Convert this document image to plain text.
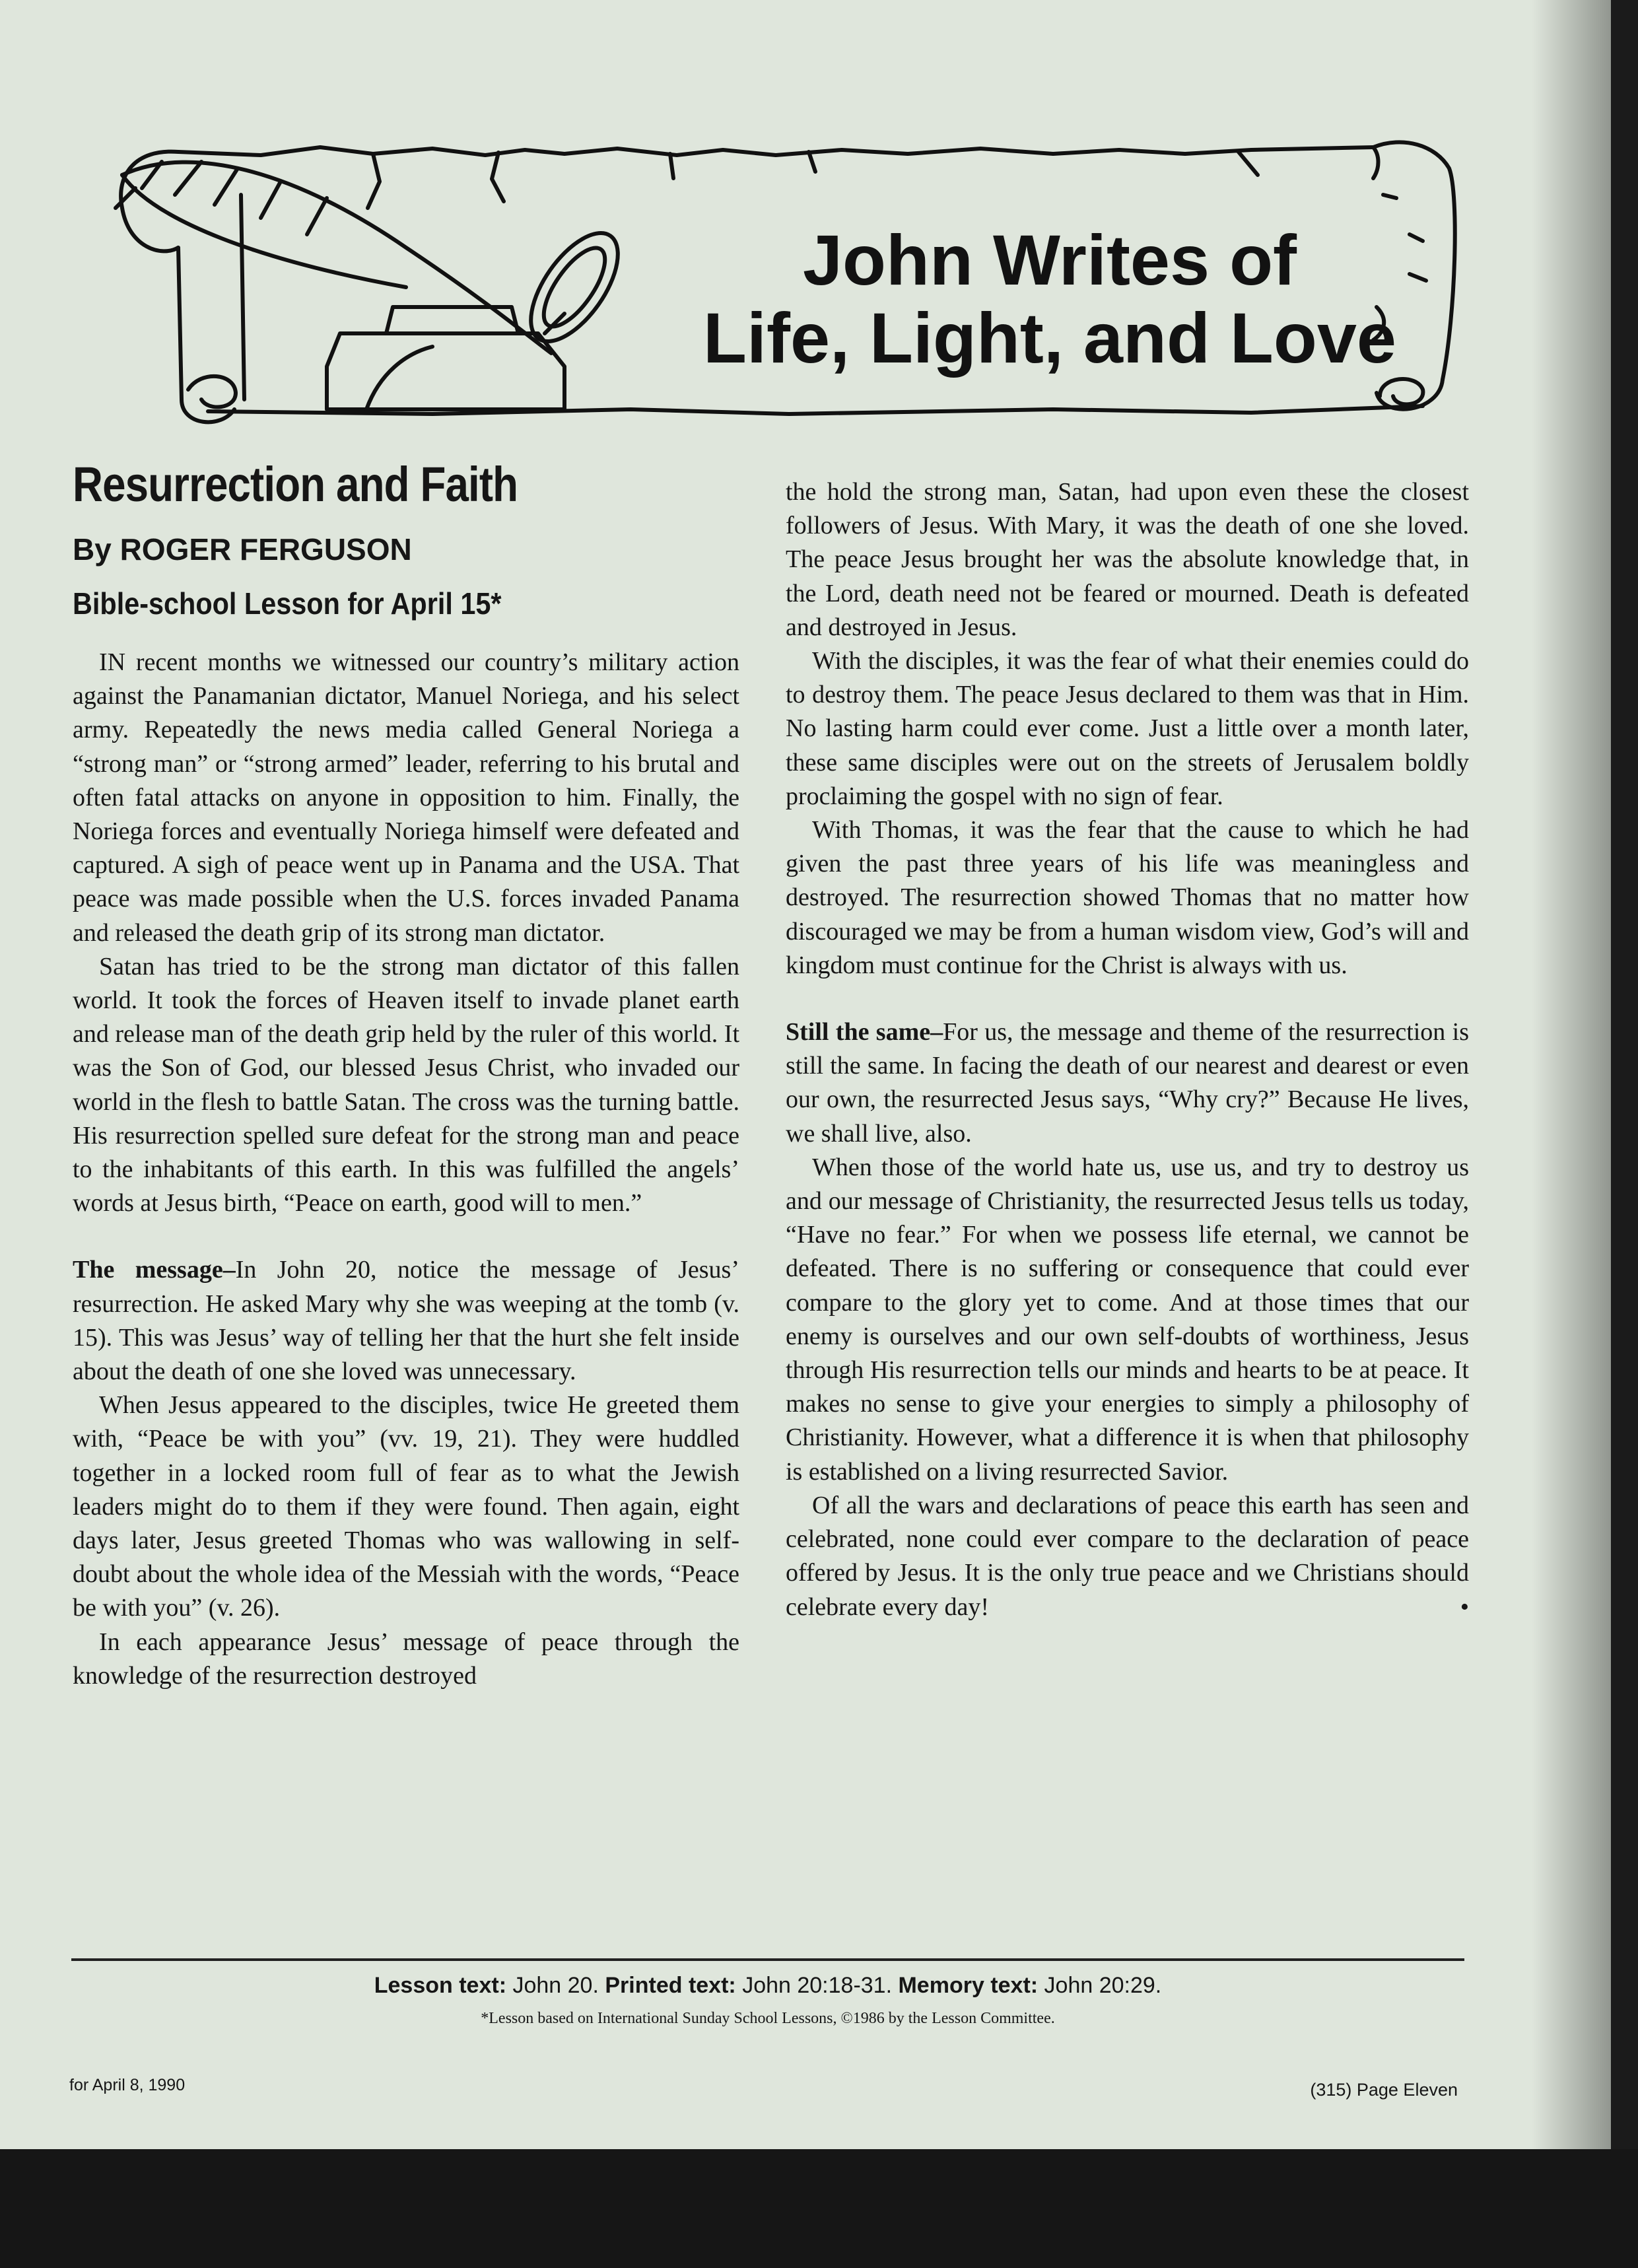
John Writes of
Life, Light, and Love
Resurrection and Faith
By ROGER FERGUSON
Bible-school Lesson for April 15*

IN recent months we witnessed our country’s military action against the Panamanian dictator, Manuel Noriega, and his select army. Repeatedly the news media called General Noriega a “strong man” or “strong armed” leader, referring to his brutal and often fatal attacks on anyone in opposition to him. Finally, the Noriega forces and eventually Noriega himself were defeated and captured. A sigh of peace went up in Panama and the USA. That peace was made possible when the U.S. forces invaded Panama and released the death grip of its strong man dictator.

Satan has tried to be the strong man dictator of this fallen world. It took the forces of Heaven itself to invade planet earth and release man of the death grip held by the ruler of this world. It was the Son of God, our blessed Jesus Christ, who invaded our world in the flesh to battle Satan. The cross was the turning battle. His resurrection spelled sure defeat for the strong man and peace to the inhabitants of this earth. In this was fulfilled the angels’ words at Jesus birth, “Peace on earth, good will to men.”

The message–In John 20, notice the message of Jesus’ resurrection. He asked Mary why she was weeping at the tomb (v. 15). This was Jesus’ way of telling her that the hurt she felt inside about the death of one she loved was unnecessary.

When Jesus appeared to the disciples, twice He greeted them with, “Peace be with you” (vv. 19, 21). They were huddled together in a locked room full of fear as to what the Jewish leaders might do to them if they were found. Then again, eight days later, Jesus greeted Thomas who was wallowing in self-doubt about the whole idea of the Messiah with the words, “Peace be with you” (v. 26).

In each appearance Jesus’ message of peace through the knowledge of the resurrection destroyed

the hold the strong man, Satan, had upon even these the closest followers of Jesus. With Mary, it was the death of one she loved. The peace Jesus brought her was the absolute knowledge that, in the Lord, death need not be feared or mourned. Death is defeated and destroyed in Jesus.

With the disciples, it was the fear of what their enemies could do to destroy them. The peace Jesus declared to them was that in Him. No lasting harm could ever come. Just a little over a month later, these same disciples were out on the streets of Jerusalem boldly proclaiming the gospel with no sign of fear.

With Thomas, it was the fear that the cause to which he had given the past three years of his life was meaningless and destroyed. The resurrection showed Thomas that no matter how discouraged we may be from a human wisdom view, God’s will and kingdom must continue for the Christ is always with us.

Still the same–For us, the message and theme of the resurrection is still the same. In facing the death of our nearest and dearest or even our own, the resurrected Jesus says, “Why cry?” Because He lives, we shall live, also.

When those of the world hate us, use us, and try to destroy us and our message of Christianity, the resurrected Jesus tells us today, “Have no fear.” For when we possess life eternal, we cannot be defeated. There is no suffering or consequence that could ever compare to the glory yet to come. And at those times that our enemy is ourselves and our own self-doubts of worthiness, Jesus through His resurrection tells our minds and hearts to be at peace. It makes no sense to give your energies to simply a philosophy of Christianity. However, what a difference it is when that philosophy is established on a living resurrected Savior.

Of all the wars and declarations of peace this earth has seen and celebrated, none could ever compare to the declaration of peace offered by Jesus. It is the only true peace and we Christians should celebrate every day!	•

Lesson text: John 20. Printed text: John 20:18-31. Memory text: John 20:29.
*Lesson based on International Sunday School Lessons, ©1986 by the Lesson Committee.
for April 8, 1990	(315) Page Eleven
